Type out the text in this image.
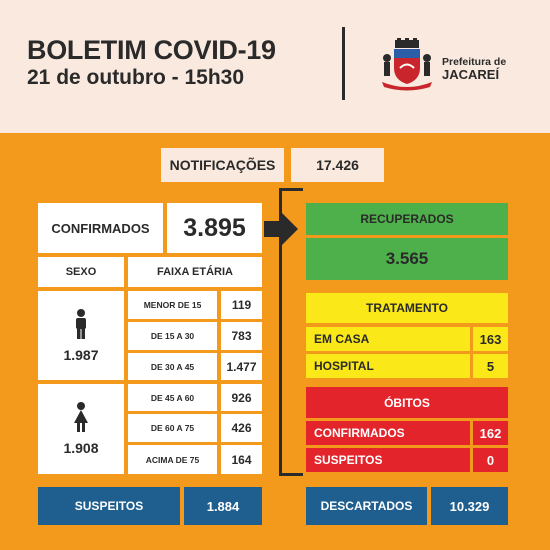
BOLETIM COVID-19
21 de outubro - 15h30
Prefeitura de
JACAREÍ
NOTIFICAÇÕES	17.426
CONFIRMADOS	3.895
SEXO	FAIXA ETÁRIA
1.987
MENOR DE 15	119
DE 15 A 30	783
DE 30 A 45	1.477
1.908
DE 45 A 60	926
DE 60 A 75	426
ACIMA DE 75	164
RECUPERADOS
3.565
TRATAMENTO
EM CASA	163
HOSPITAL	5
ÓBITOS
CONFIRMADOS	162
SUSPEITOS	0
SUSPEITOS	1.884	DESCARTADOS	10.329
